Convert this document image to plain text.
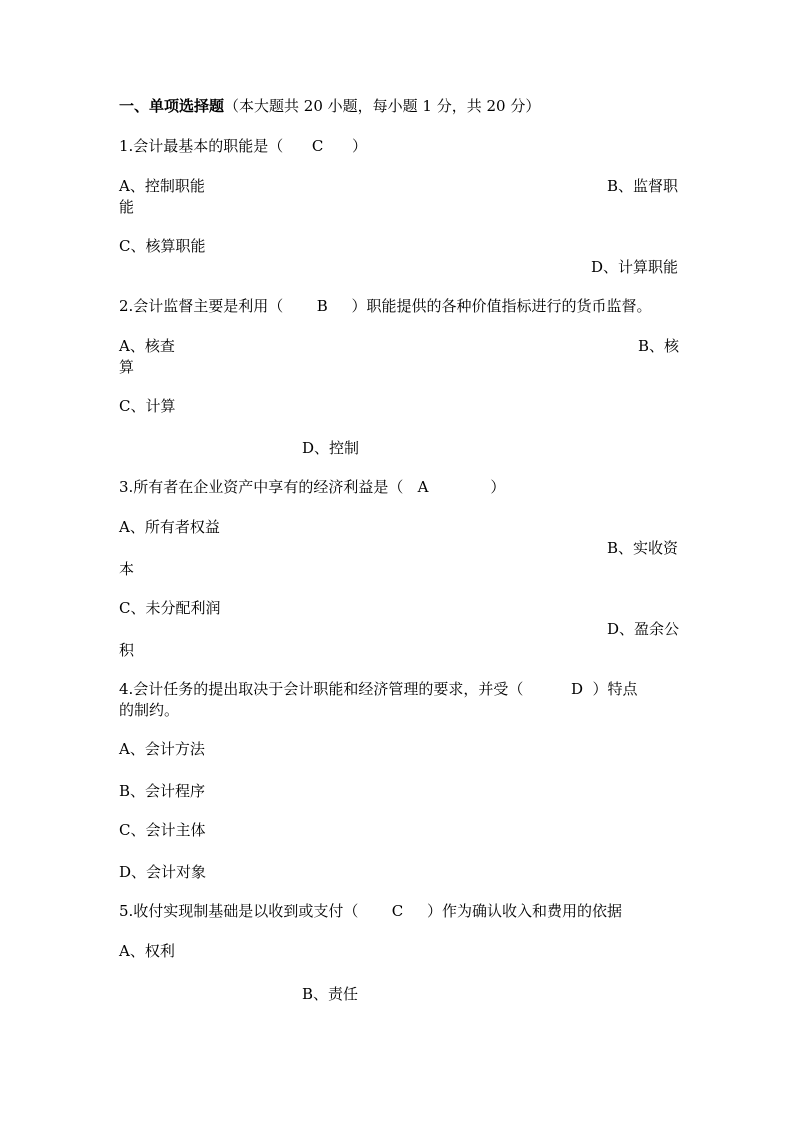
一、单项选择题（本大题共 20 小题，每小题 1 分，共 20 分）
1.会计最基本的职能是（      C      ）
A、控制职能	B、监督职
能
C、核算职能
D、计算职能
2.会计监督主要是利用（       B     ）职能提供的各种价值指标进行的货币监督。
A、核查	B、核
算
C、计算
D、控制
3.所有者在企业资产中享有的经济利益是（   A             ）
A、所有者权益
B、实收资
本
C、未分配利润
D、盈余公
积
4.会计任务的提出取决于会计职能和经济管理的要求，并受（          D  ）特点
的制约。
A、会计方法
B、会计程序
C、会计主体
D、会计对象
5.收付实现制基础是以收到或支付（       C     ）作为确认收入和费用的依据
A、权利
B、责任
